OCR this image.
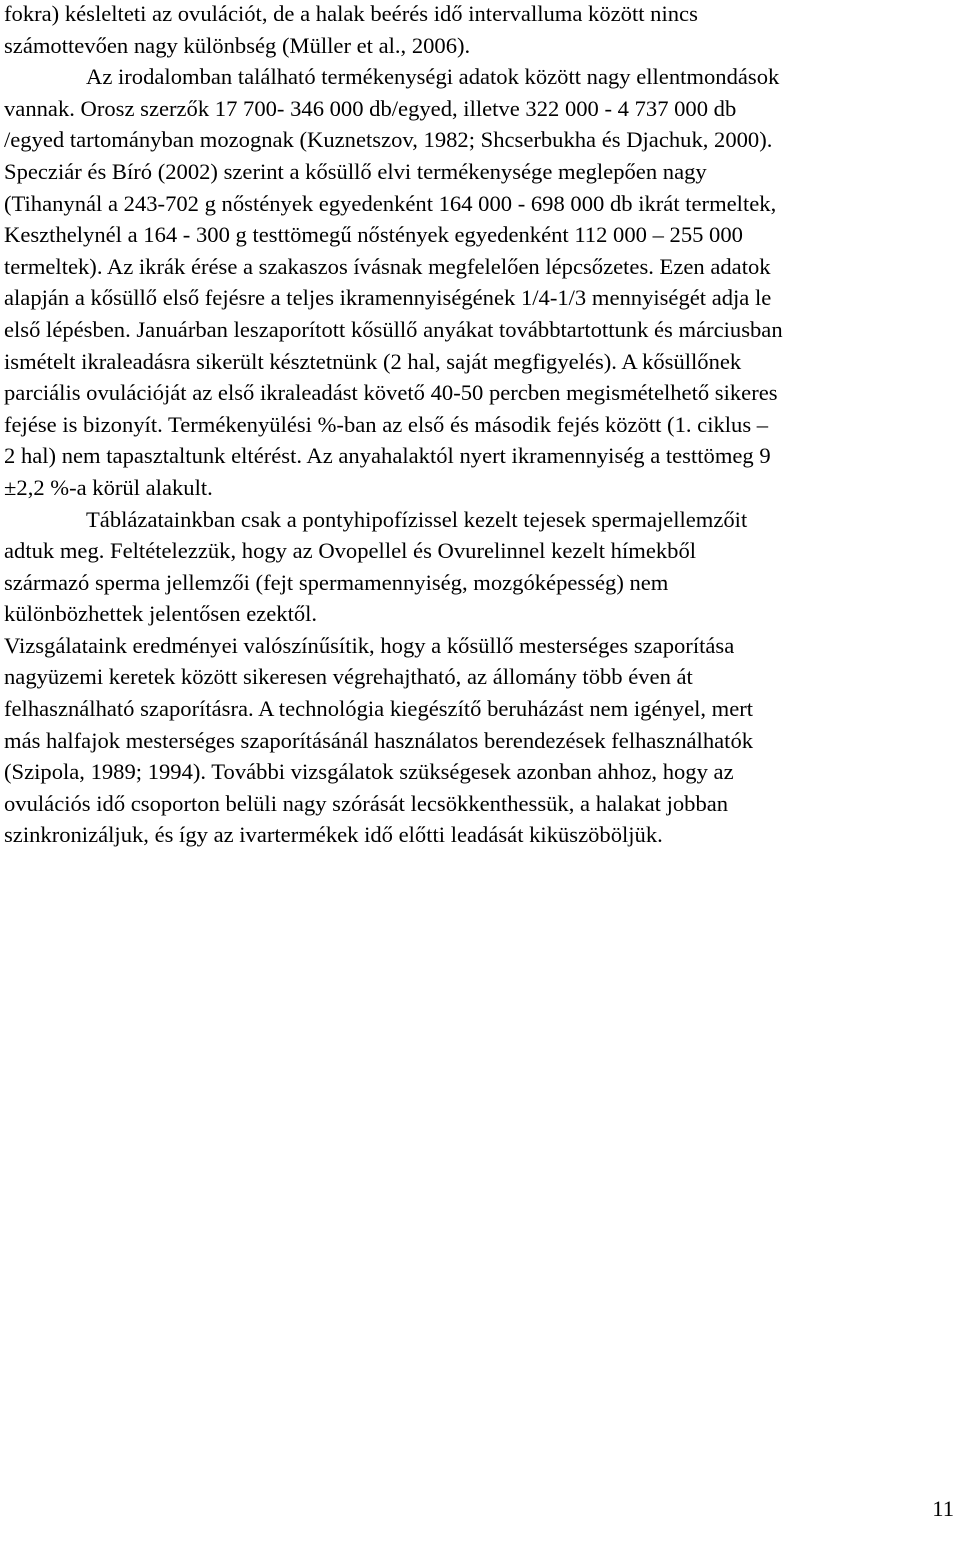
fokra) késlelteti az ovulációt, de a halak beérés idő intervalluma között nincs
számottevően nagy különbség (Müller et al., 2006).
Az irodalomban található termékenységi adatok között nagy ellentmondások
vannak. Orosz szerzők 17 700- 346 000 db/egyed, illetve 322 000 - 4 737 000 db
/egyed tartományban mozognak (Kuznetszov, 1982; Shcserbukha és Djachuk, 2000).
Specziár és Bíró (2002) szerint a kősüllő elvi termékenysége meglepően nagy
(Tihanynál a 243-702 g nőstények egyedenként 164 000 - 698 000 db ikrát termeltek,
Keszthelynél a 164 - 300 g testtömegű nőstények egyedenként 112 000 – 255 000
termeltek). Az ikrák érése a szakaszos ívásnak megfelelően lépcsőzetes. Ezen adatok
alapján a kősüllő első fejésre a teljes ikramennyiségének 1/4-1/3 mennyiségét adja le
első lépésben. Januárban leszaporított kősüllő anyákat továbbtartottunk és márciusban
ismételt ikraleadásra sikerült késztetnünk (2 hal, saját megfigyelés). A kősüllőnek
parciális ovulációját az első ikraleadást követő 40-50 percben megismételhető sikeres
fejése is bizonyít. Termékenyülési %-ban az első és második fejés között (1. ciklus –
2 hal) nem tapasztaltunk eltérést. Az anyahalaktól nyert ikramennyiség a testtömeg 9
±2,2 %-a körül alakult.
Táblázatainkban csak a pontyhipofízissel kezelt tejesek spermajellemzőit
adtuk meg. Feltételezzük, hogy az Ovopellel és Ovurelinnel kezelt hímekből
származó sperma jellemzői (fejt spermamennyiség, mozgóképesség) nem
különbözhettek jelentősen ezektől.
Vizsgálataink eredményei valószínűsítik, hogy a kősüllő mesterséges szaporítása
nagyüzemi keretek között sikeresen végrehajtható, az állomány több éven át
felhasználható szaporításra. A technológia kiegészítő beruházást nem igényel, mert
más halfajok mesterséges szaporításánál használatos berendezések felhasználhatók
(Szipola, 1989; 1994). További vizsgálatok szükségesek azonban ahhoz, hogy az
ovulációs idő csoporton belüli nagy szórását lecsökkenthessük, a halakat jobban
szinkronizáljuk, és így az ivartermékek idő előtti leadását kiküszöböljük.
11
